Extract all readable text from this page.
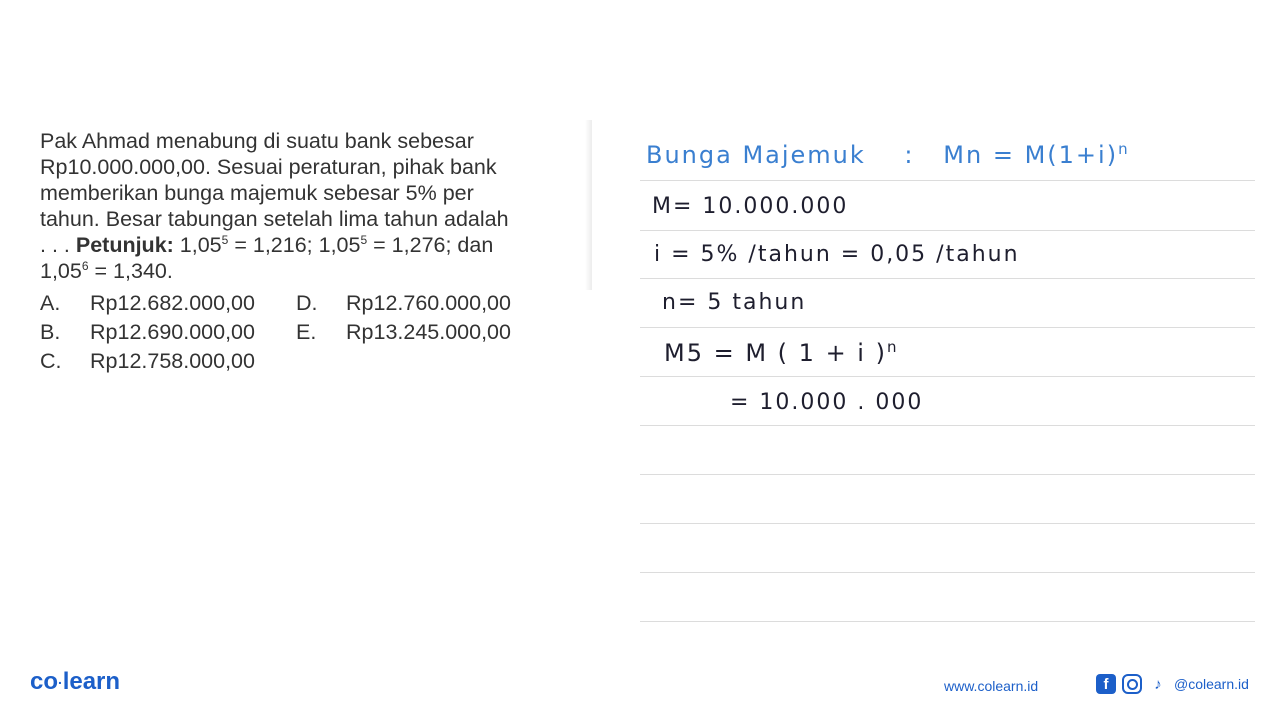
Pak Ahmad menabung di suatu bank sebesar

Rp10.000.000,00. Sesuai peraturan, pihak bank

memberikan bunga majemuk sebesar 5% per

tahun. Besar tabungan setelah lima tahun adalah

. . . Petunjuk: $1,05^5 = 1,216$; $1,05^5 = 1,276$; dan

$1,05^6 = 1,340$.

A.	Rp12.682.000,00 D.	Rp12.760.000,00
B.	Rp12.690.000,00 E.	Rp13.245.000,00
C.	Rp12.758.000,00
Bunga Majemuk : $Mn = M(1+i)^n$
M= 10.000.000
i = 5% /tahun = 0,05 /tahun
n= 5 tahun
M5 = M ( 1 + i )$^n$
= 10.000 . 000
co·learn	www.colearn.id	f	♪ @colearn.id
